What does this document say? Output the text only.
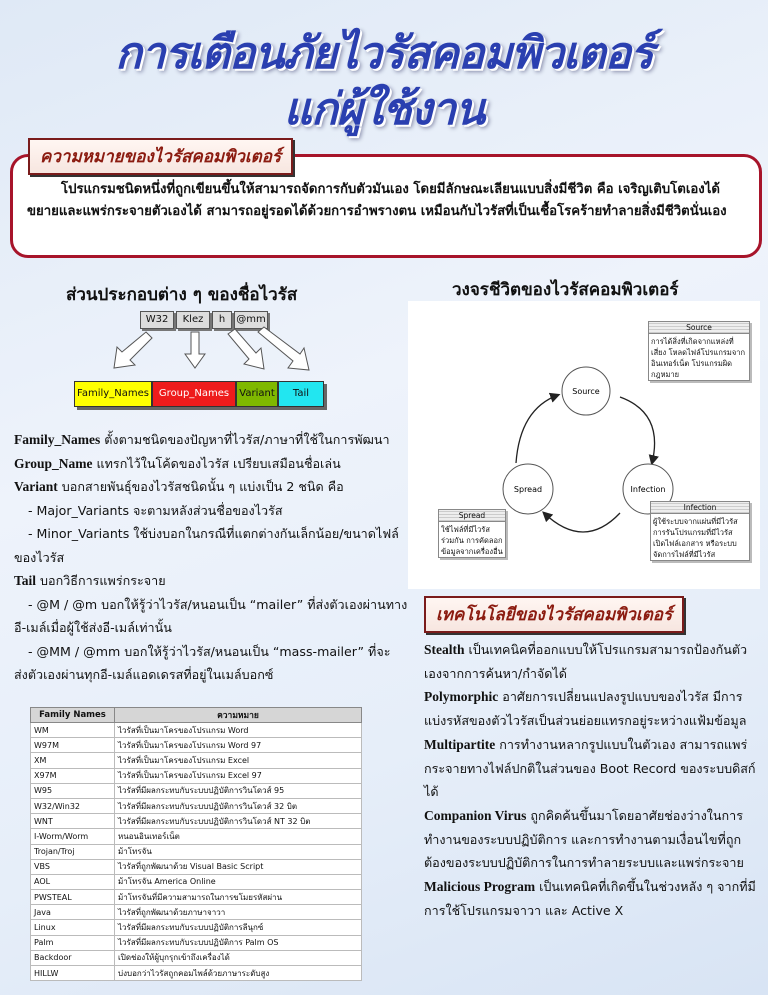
การเตือนภัยไวรัสคอมพิวเตอร์
แก่ผู้ใช้งาน

โปรแกรมชนิดหนึ่งที่ถูกเขียนขึ้นให้สามารถจัดการกับตัวมันเอง โดยมีลักษณะเลียนแบบสิ่งมีชีวิต คือ เจริญเติบโตเองได้ ขยายและแพร่กระจายตัวเองได้ สามารถอยู่รอดได้ด้วยการอำพรางตน เหมือนกับไวรัสที่เป็นเชื้อโรคร้ายทำลายสิ่งมีชีวิตนั่นเอง

ความหมายของไวรัสคอมพิวเตอร์
ส่วนประกอบต่าง ๆ ของชื่อไวรัส	วงจรชีวิตของไวรัสคอมพิวเตอร์
W32	Klez	h	@mm
Family_Names Group_Names	Variant	Tail
Family_Names ตั้งตามชนิดของปัญหาที่ไวรัส/ภาษาที่ใช้ในการพัฒนา
Group_Name แทรกไว้ในโค้ดของไวรัส เปรียบเสมือนชื่อเล่น
Variant บอกสายพันธุ์ของไวรัสชนิดนั้น ๆ แบ่งเป็น 2 ชนิด คือ
- Major_Variants จะตามหลังส่วนชื่อของไวรัส
- Minor_Variants ใช้บ่งบอกในกรณีที่แตกต่างกันเล็กน้อย/ขนาดไฟล์ของไวรัส
Tail บอกวิธีการแพร่กระจาย
- @M / @m บอกให้รู้ว่าไวรัส/หนอนเป็น “mailer” ที่ส่งตัวเองผ่านทางอี-เมล์เมื่อผู้ใช้ส่งอี-เมล์เท่านั้น
- @MM / @mm บอกให้รู้ว่าไวรัส/หนอนเป็น “mass-mailer” ที่จะส่งตัวเองผ่านทุกอี-เมล์แอดเดรสที่อยู่ในเมล์บอกซ์
Family Names	ความหมาย
WM	ไวรัสที่เป็นมาโครของโปรแกรม Word
W97M	ไวรัสที่เป็นมาโครของโปรแกรม Word 97
XM	ไวรัสที่เป็นมาโครของโปรแกรม Excel
X97M	ไวรัสที่เป็นมาโครของโปรแกรม Excel 97
W95	ไวรัสที่มีผลกระทบกับระบบปฏิบัติการวินโดวส์ 95
W32/Win32	ไวรัสที่มีผลกระทบกับระบบปฏิบัติการวินโดวส์ 32 บิต
WNT	ไวรัสที่มีผลกระทบกับระบบปฏิบัติการวินโดวส์ NT 32 บิต
I-Worm/Worm	หนอนอินเทอร์เน็ต
Trojan/Troj	ม้าโทรจัน
VBS	ไวรัสที่ถูกพัฒนาด้วย Visual Basic Script
AOL	ม้าโทรจัน America Online
PWSTEAL	ม้าโทรจันที่มีความสามารถในการขโมยรหัสผ่าน
Java	ไวรัสที่ถูกพัฒนาด้วยภาษาจาวา
Linux	ไวรัสที่มีผลกระทบกับระบบปฏิบัติการลีนุกซ์
Palm	ไวรัสที่มีผลกระทบกับระบบปฏิบัติการ Palm OS
Backdoor	เปิดช่องให้ผู้บุกรุกเข้าถึงเครื่องได้
HILLW	บ่งบอกว่าไวรัสถูกคอมไพล์ด้วยภาษาระดับสูง
Source
Infection
Spread
Source
การได้สิ่งที่เกิดจากแหล่งที่เสี่ยง โหลดไฟล์โปรแกรมจากอินเทอร์เน็ต โปรแกรมผิดกฎหมาย
Infection
ผู้ใช้ระบบจากแผ่นที่มีไวรัส การรันโปรแกรมที่มีไวรัส เปิดไฟล์เอกสาร หรือระบบจัดการไฟล์ที่มีไวรัส
Spread
ใช้ไฟล์ที่มีไวรัสร่วมกัน การคัดลอกข้อมูลจากเครื่องอื่น
เทคโนโลยีของไวรัสคอมพิวเตอร์
Stealth เป็นเทคนิคที่ออกแบบให้โปรแกรมสามารถป้องกันตัวเองจากการค้นหา/กำจัดได้
Polymorphic อาศัยการเปลี่ยนแปลงรูปแบบของไวรัส มีการแบ่งรหัสของตัวไวรัสเป็นส่วนย่อยแทรกอยู่ระหว่างแฟ้มข้อมูล
Multipartite การทำงานหลากรูปแบบในตัวเอง สามารถแพร่กระจายทางไฟล์ปกติในส่วนของ Boot Record ของระบบดิสก์ได้
Companion Virus ถูกคิดค้นขึ้นมาโดยอาศัยช่องว่างในการทำงานของระบบปฏิบัติการ และการทำงานตามเงื่อนไขที่ถูกต้องของระบบปฏิบัติการในการทำลายระบบและแพร่กระจาย
Malicious Program เป็นเทคนิคที่เกิดขึ้นในช่วงหลัง ๆ จากที่มีการใช้โปรแกรมจาวา และ Active X
